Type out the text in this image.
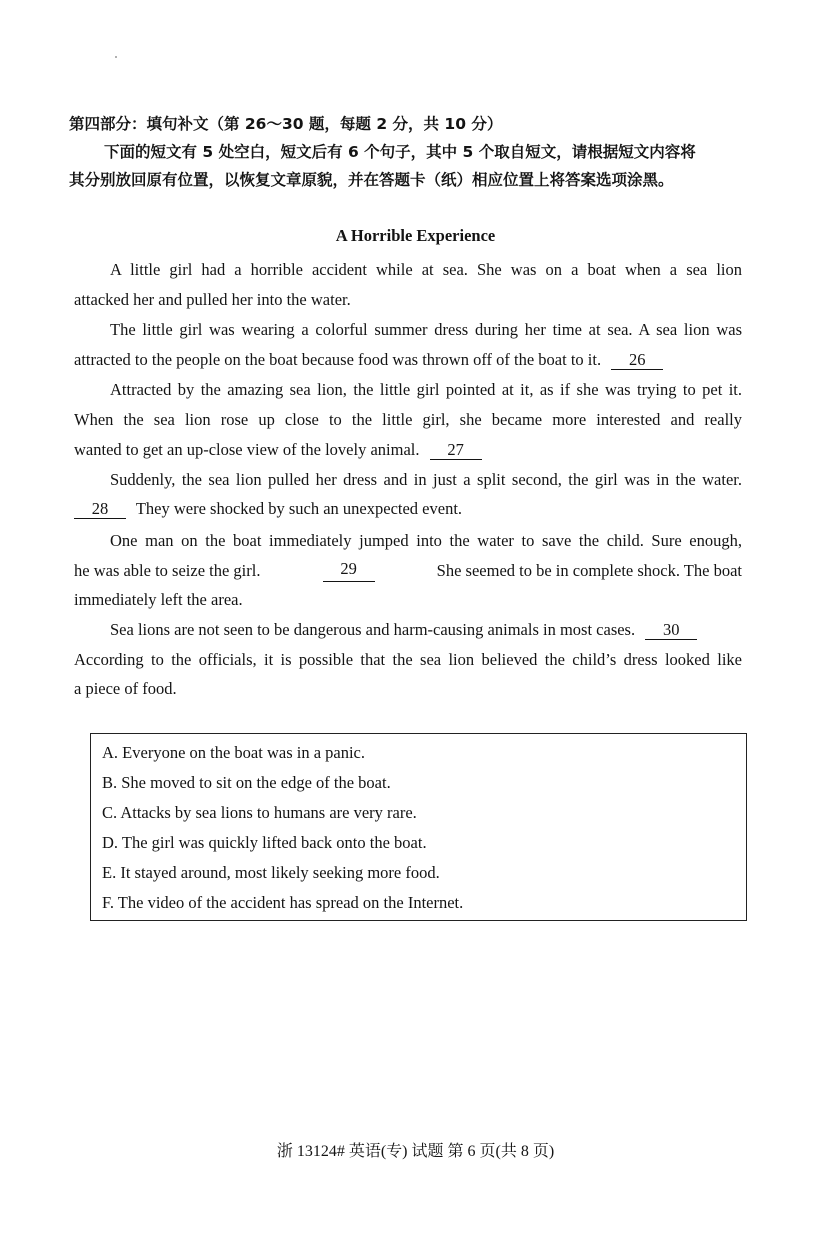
第四部分：填句补文（第 26～30 题，每题 2 分，共 10 分）
下面的短文有 5 处空白，短文后有 6 个句子，其中 5 个取自短文，请根据短文内容将
其分别放回原有位置，以恢复文章原貌，并在答题卡（纸）相应位置上将答案选项涂黑。
A Horrible Experience
A little girl had a horrible accident while at sea. She was on a boat when a sea lion
attacked her and pulled her into the water.
The little girl was wearing a colorful summer dress during her time at sea. A sea lion was
attracted to the people on the boat because food was thrown off of the boat to it. 26
Attracted by the amazing sea lion, the little girl pointed at it, as if she was trying to pet it.
When the sea lion rose up close to the little girl, she became more interested and really
wanted to get an up-close view of the lovely animal. 27
Suddenly, the sea lion pulled her dress and in just a split second, the girl was in the water.
28 They were shocked by such an unexpected event.
One man on the boat immediately jumped into the water to save the child. Sure enough,
he was able to seize the girl.	29	She seemed to be in complete shock. The boat
immediately left the area.
Sea lions are not seen to be dangerous and harm-causing animals in most cases. 30
According to the officials, it is possible that the sea lion believed the child’s dress looked like
a piece of food.
A. Everyone on the boat was in a panic.
B. She moved to sit on the edge of the boat.
C. Attacks by sea lions to humans are very rare.
D. The girl was quickly lifted back onto the boat.
E. It stayed around, most likely seeking more food.
F. The video of the accident has spread on the Internet.
浙 13124# 英语(专) 试题 第 6 页(共 8 页)
